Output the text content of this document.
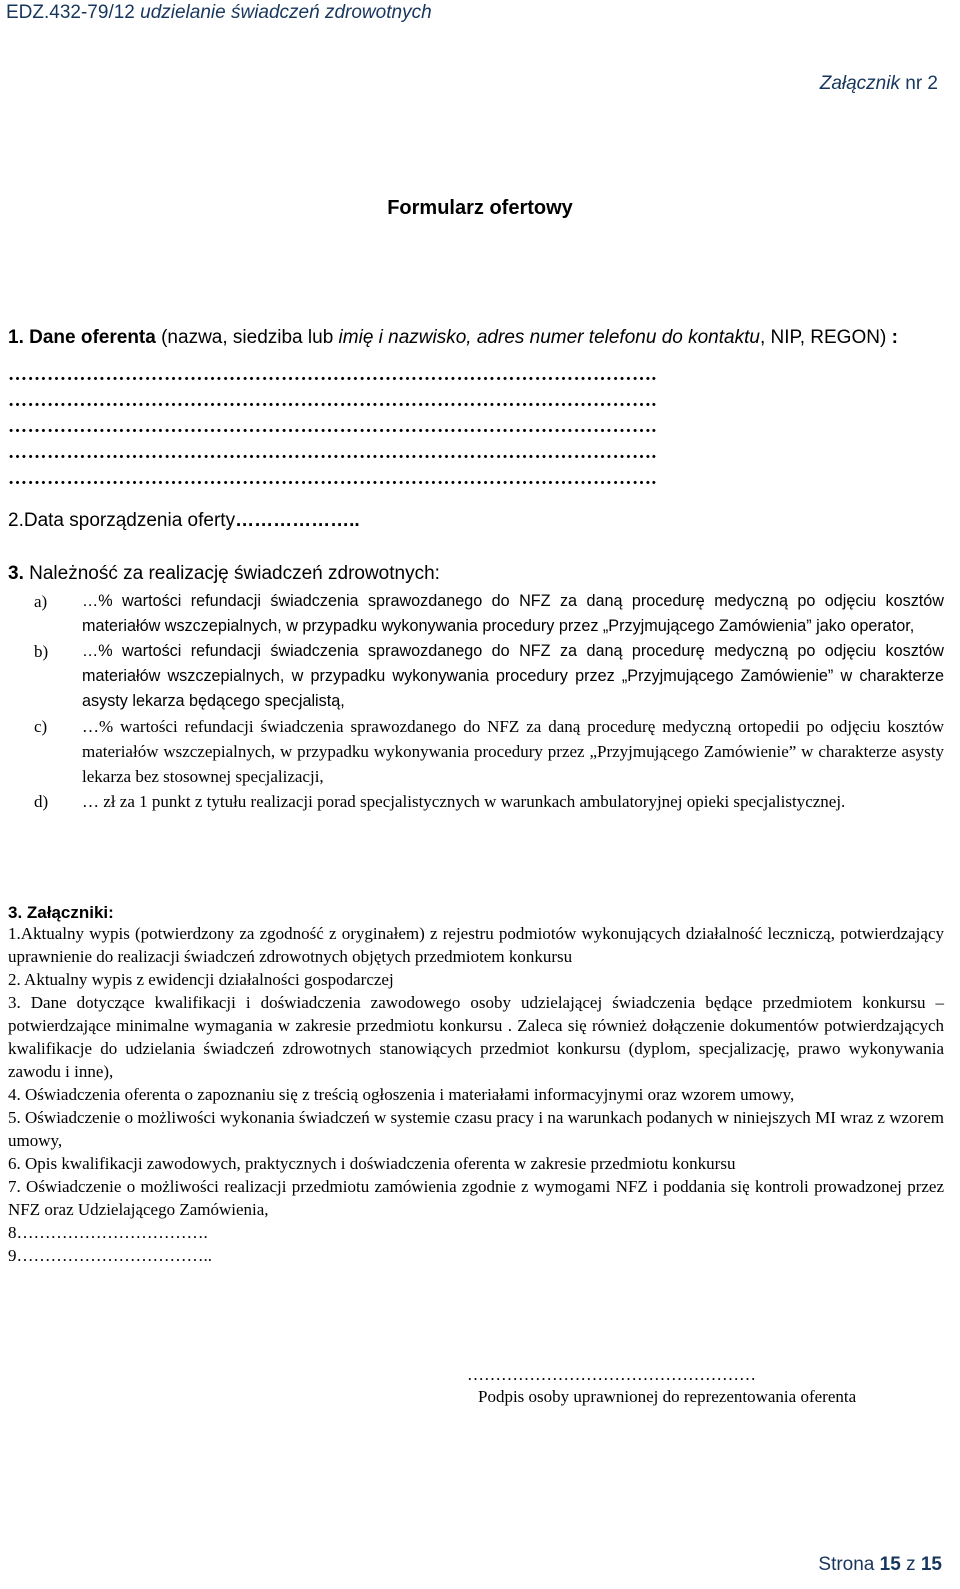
EDZ.432-79/12 udzielanie świadczeń zdrowotnych
Załącznik nr 2
Formularz ofertowy
1. Dane oferenta (nazwa, siedziba lub imię i nazwisko, adres numer telefonu do kontaktu, NIP, REGON) :
……………………………………………………………………………………….
……………………………………………………………………………………….
……………………………………………………………………………………….
……………………………………………………………………………………….
……………………………………………………………………………………….
2.Data sporządzenia oferty………………..
3. Należność za realizację świadczeń zdrowotnych:
a)	…% wartości refundacji świadczenia sprawozdanego do NFZ za daną procedurę medyczną po odjęciu kosztów materiałów wszczepialnych, w przypadku wykonywania procedury przez „Przyjmującego Zamówienia” jako operator,
b)	…% wartości refundacji świadczenia sprawozdanego do NFZ za daną procedurę medyczną po odjęciu kosztów materiałów wszczepialnych, w przypadku wykonywania procedury przez „Przyjmującego Zamówienie” w charakterze asysty lekarza będącego specjalistą,
c)	…% wartości refundacji świadczenia sprawozdanego do NFZ za daną procedurę medyczną ortopedii po odjęciu kosztów materiałów wszczepialnych, w przypadku wykonywania procedury przez „Przyjmującego Zamówienie” w charakterze asysty lekarza bez stosownej specjalizacji,
d)	… zł za 1 punkt z tytułu realizacji porad specjalistycznych w warunkach ambulatoryjnej opieki specjalistycznej.
3. Załączniki:

1.Aktualny wypis (potwierdzony za zgodność z oryginałem) z rejestru podmiotów wykonujących działalność leczniczą, potwierdzający uprawnienie do realizacji świadczeń zdrowotnych objętych przedmiotem konkursu

2. Aktualny wypis z ewidencji działalności gospodarczej

3. Dane dotyczące kwalifikacji i doświadczenia zawodowego osoby udzielającej świadczenia będące przedmiotem konkursu – potwierdzające minimalne wymagania w zakresie przedmiotu konkursu . Zaleca się również dołączenie dokumentów potwierdzających kwalifikacje do udzielania świadczeń zdrowotnych stanowiących przedmiot konkursu (dyplom, specjalizację, prawo wykonywania zawodu i inne),

4. Oświadczenia oferenta o zapoznaniu się z treścią ogłoszenia i materiałami informacyjnymi oraz wzorem umowy,

5. Oświadczenie o możliwości wykonania świadczeń w systemie czasu pracy i na warunkach podanych w niniejszych MI wraz z wzorem umowy,

6. Opis kwalifikacji zawodowych, praktycznych i doświadczenia oferenta w zakresie przedmiotu konkursu

7. Oświadczenie o możliwości realizacji przedmiotu zamówienia zgodnie z wymogami NFZ i poddania się kontroli prowadzonej przez NFZ oraz Udzielającego Zamówienia,

8…………………………….

9……………………………..

……………………………………………
Podpis osoby uprawnionej do reprezentowania oferenta
Strona 15 z 15
